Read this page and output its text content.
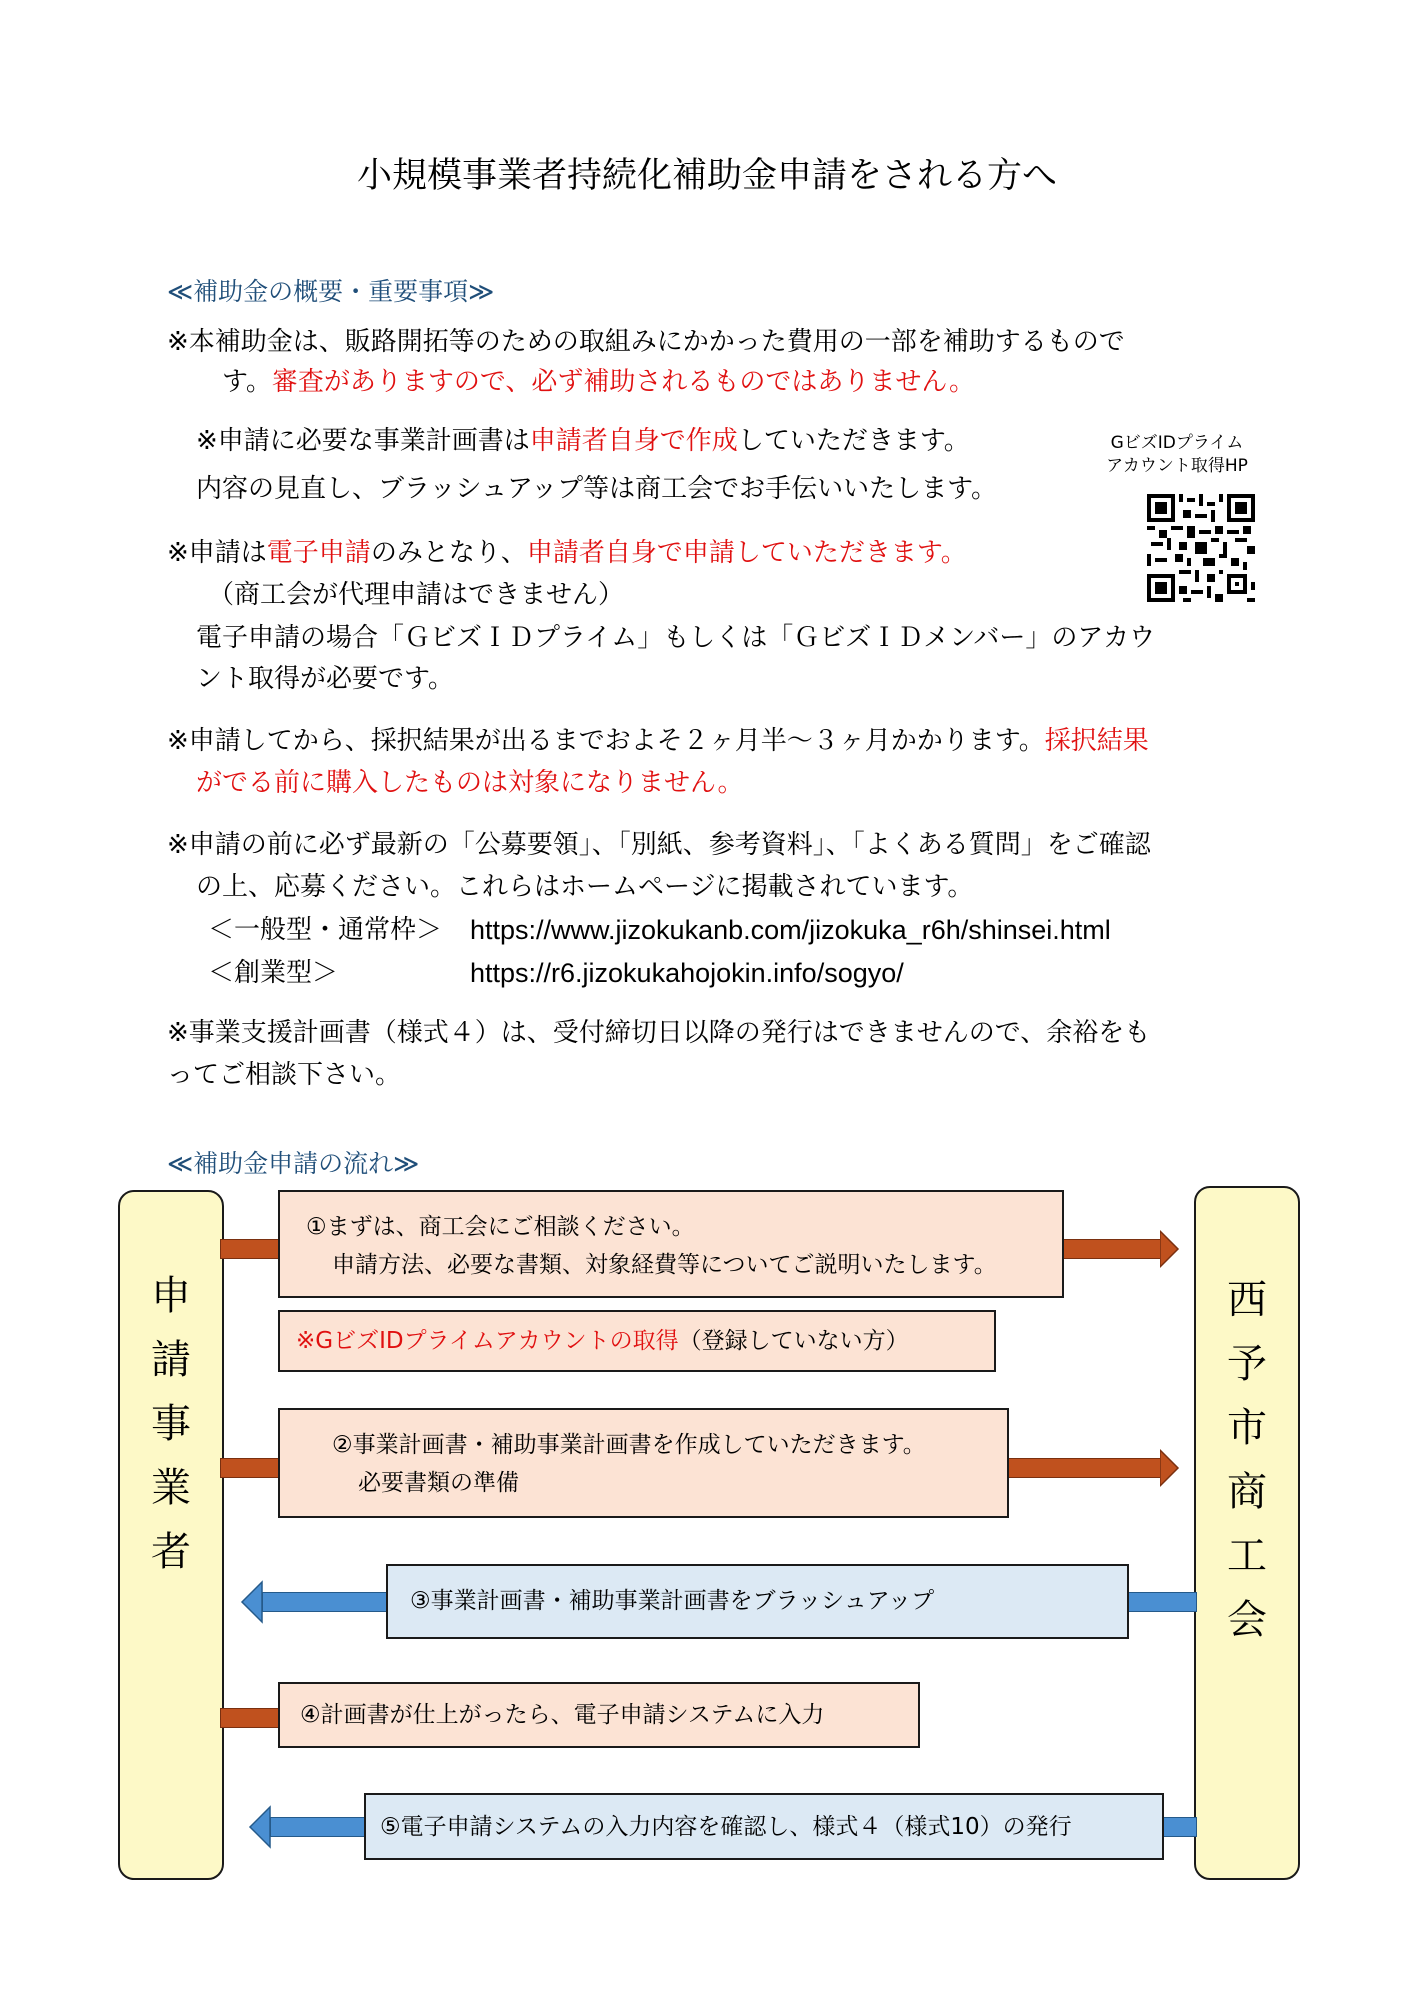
小規模事業者持続化補助金申請をされる方へ
≪補助金の概要・重要事項≫
※本補助金は、販路開拓等のための取組みにかかった費用の一部を補助するもので
す。審査がありますので、必ず補助されるものではありません。
※申請に必要な事業計画書は申請者自身で作成していただきます。
内容の見直し、ブラッシュアップ等は商工会でお手伝いいたします。
GビズIDプライム
アカウント取得HP
※申請は電子申請のみとなり、申請者自身で申請していただきます。
（商工会が代理申請はできません）
電子申請の場合「ＧビズＩＤプライム」もしくは「ＧビズＩＤメンバー」のアカウ
ント取得が必要です。
※申請してから、採択結果が出るまでおよそ２ヶ月半～３ヶ月かかります。採択結果
がでる前に購入したものは対象になりません。
※申請の前に必ず最新の「公募要領」、「別紙、参考資料」、「よくある質問」をご確認
の上、応募ください。これらはホームページに掲載されています。
＜一般型・通常枠＞ https://www.jizokukanb.com/jizokuka_r6h/shinsei.html
＜創業型＞	https://r6.jizokukahojokin.info/sogyo/
※事業支援計画書（様式４）は、受付締切日以降の発行はできませんので、余裕をも
ってご相談下さい。
≪補助金申請の流れ≫
申
請
事
業
者
西
予
市
商
工
会
①まずは、商工会にご相談ください。
申請方法、必要な書類、対象経費等についてご説明いたします。
※GビズIDプライムアカウントの取得（登録していない方）
②事業計画書・補助事業計画書を作成していただきます。
必要書類の準備
③事業計画書・補助事業計画書をブラッシュアップ
④計画書が仕上がったら、電子申請システムに入力
⑤電子申請システムの入力内容を確認し、様式４（様式10）の発行
